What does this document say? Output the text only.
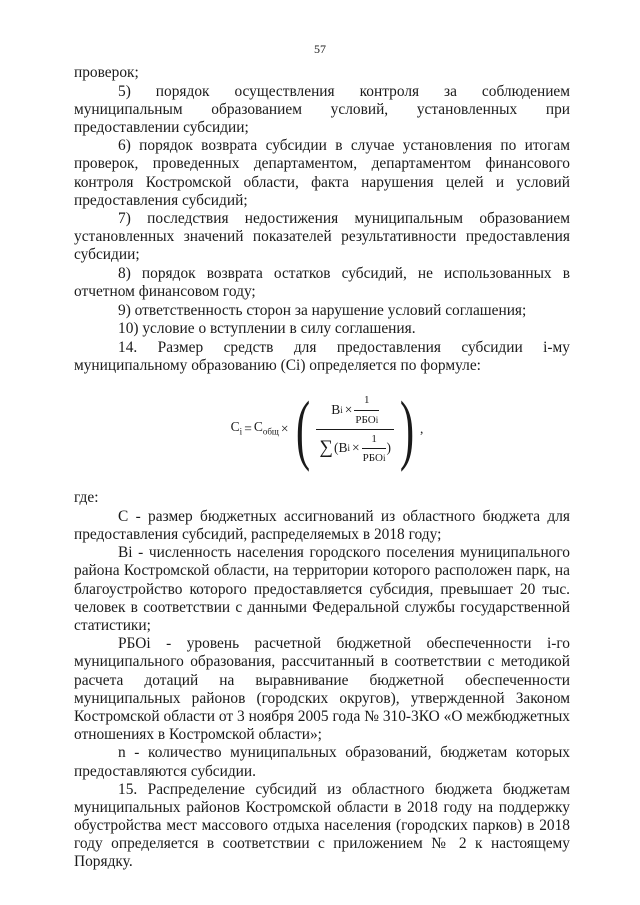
57

проверок;

5)    порядок    осуществления    контроля    за    соблюдением муниципальным образованием условий, установленных при предоставлении субсидии;

6) порядок возврата субсидии в случае установления по итогам проверок, проведенных департаментом, департаментом финансового контроля Костромской области, факта нарушения целей и условий предоставления субсидий;

7) последствия недостижения муниципальным образованием установленных значений показателей результативности предоставления субсидии;

8) порядок возврата остатков субсидий, не использованных в отчетном финансовом году;

9) ответственность сторон за нарушение условий соглашения;

10) условие о вступлении в силу соглашения.

14.    Размер    средств    для    предоставления    субсидии    i-му муниципальному образованию (Ci) определяется по формуле:

$C_i = C_{общ}$ × ( B $i \times \frac{1}{\text{РБО i}}$
∑ ( B $i \times \frac{1}{\text{РБО i}}$ ) ) ,

где:

С - размер бюджетных ассигнований из областного бюджета для предоставления субсидий, распределяемых в 2018 году;

Bi - численность населения городского поселения муниципального района Костромской области, на территории которого расположен парк, на благоустройство которого предоставляется субсидия, превышает 20 тыс. человек в соответствии с данными Федеральной службы государственной статистики;

РБОi - уровень расчетной бюджетной обеспеченности i-го муниципального образования, рассчитанный в соответствии с методикой расчета дотаций на выравнивание бюджетной обеспеченности муниципальных районов (городских округов), утвержденной Законом Костромской области от 3 ноября 2005 года № 310-3КО «О межбюджетных отношениях в Костромской области»;

n - количество муниципальных образований, бюджетам которых предоставляются субсидии.

15. Распределение субсидий из областного бюджета бюджетам муниципальных районов Костромской области в 2018 году на поддержку обустройства мест массового отдыха населения (городских парков) в 2018 году определяется в соответствии с приложением № 2 к настоящему Порядку.
